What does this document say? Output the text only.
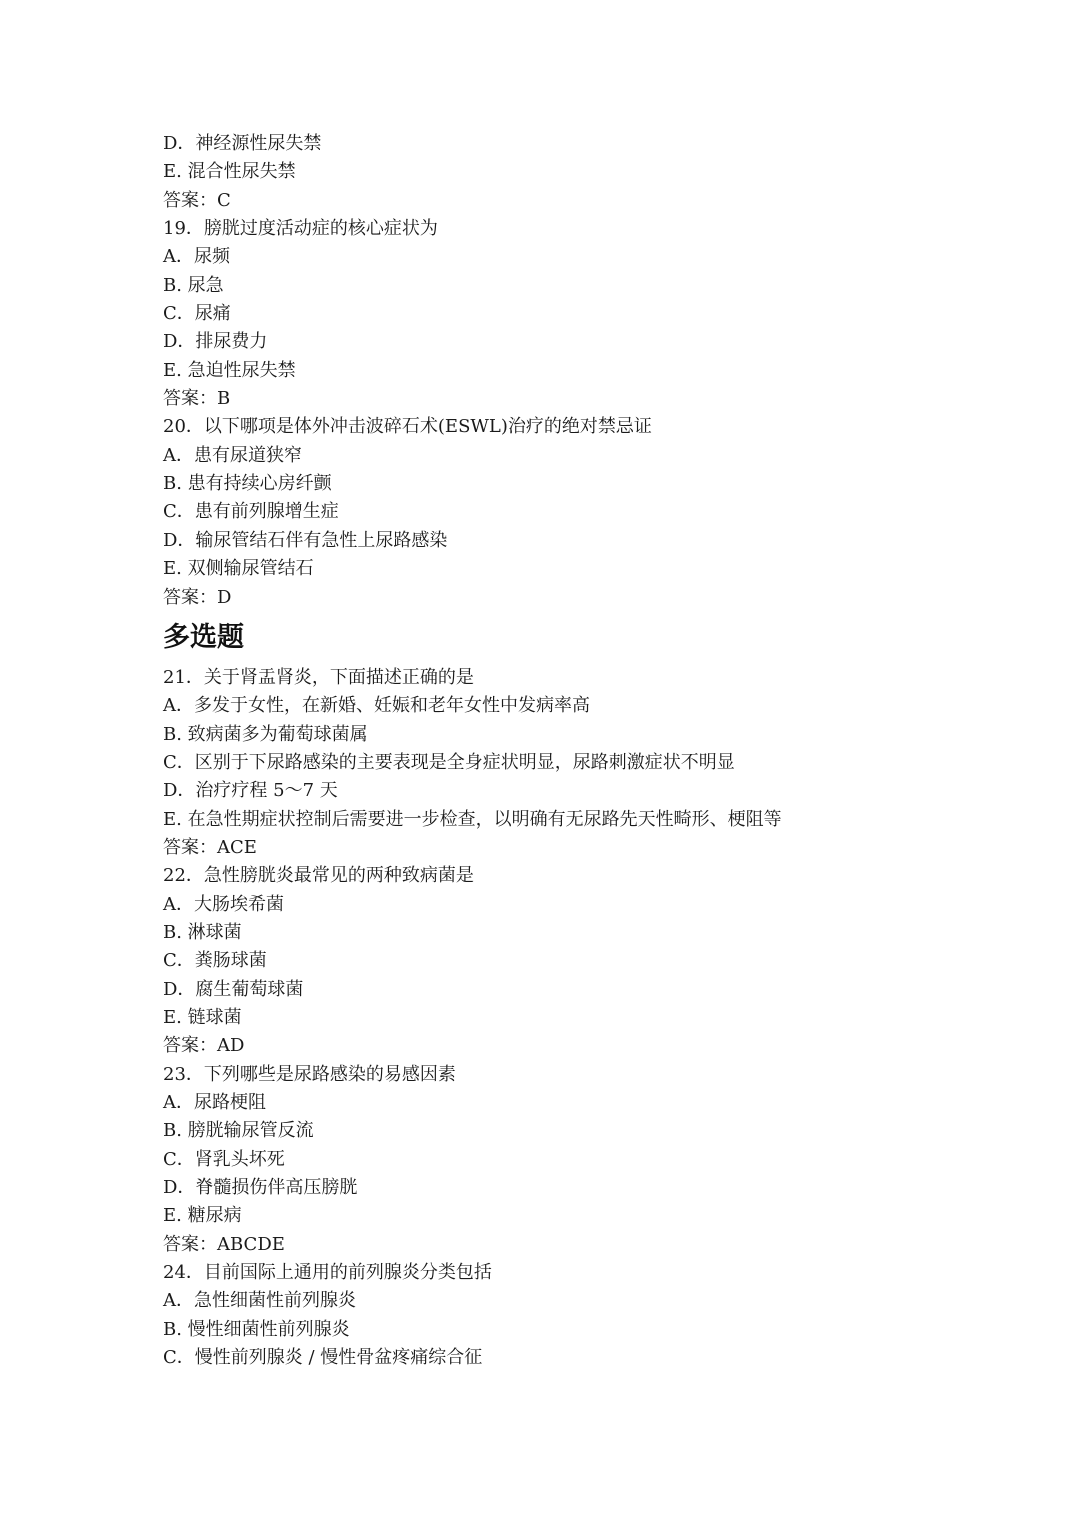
D．神经源性尿失禁
E. 混合性尿失禁
答案：C
19．膀胱过度活动症的核心症状为
A．尿频
B. 尿急
C．尿痛
D．排尿费力
E. 急迫性尿失禁
答案：B
20．以下哪项是体外冲击波碎石术(ESWL)治疗的绝对禁忌证
A．患有尿道狭窄
B. 患有持续心房纤颤
C．患有前列腺增生症
D．输尿管结石伴有急性上尿路感染
E. 双侧输尿管结石
答案：D
多选题
21．关于肾盂肾炎，下面描述正确的是
A．多发于女性，在新婚、妊娠和老年女性中发病率高
B. 致病菌多为葡萄球菌属
C．区别于下尿路感染的主要表现是全身症状明显，尿路刺激症状不明显
D．治疗疗程 5～7 天
E. 在急性期症状控制后需要进一步检查，以明确有无尿路先天性畸形、梗阻等
答案：ACE
22．急性膀胱炎最常见的两种致病菌是
A．大肠埃希菌
B. 淋球菌
C．粪肠球菌
D．腐生葡萄球菌
E. 链球菌
答案：AD
23．下列哪些是尿路感染的易感因素
A．尿路梗阻
B. 膀胱输尿管反流
C．肾乳头坏死
D．脊髓损伤伴高压膀胱
E. 糖尿病
答案：ABCDE
24．目前国际上通用的前列腺炎分类包括
A．急性细菌性前列腺炎
B. 慢性细菌性前列腺炎
C．慢性前列腺炎 / 慢性骨盆疼痛综合征
